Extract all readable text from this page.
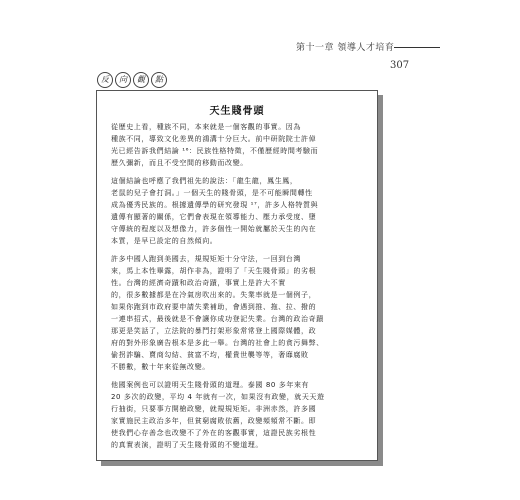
第十一章 領導人才培育
307
反	向	觀	點
天生賤骨頭

從歷史上看，種族不同，本來就是一個客觀的事實。因為
種族不同，導致文化差異的鴻溝十分巨大。前中研院院士許倬
光已經告訴我們結論 ¹⁶：民族性格特徵，不僅歷經時間考驗而
歷久彌新，而且不受空間的移動而改變。

這個結論也呼應了我們祖先的說法：「龍生龍，鳳生鳳，
老鼠的兒子會打洞。」一個天生的賤骨頭，是不可能瞬間轉性
成為優秀民族的。根據遺傳學的研究發現 ¹⁷，許多人格特質與
遺傳有顯著的關係，它們會表現在領導能力、壓力承受度、墮
守傳統的程度以及想像力，許多個性一開始就屬於天生的內在
本質，是早已設定的自然傾向。

許多中國人跑到美國去，規規矩矩十分守法，一回到台灣
來，馬上本性畢露，胡作非為，證明了「天生賤骨頭」的劣根
性。台灣的經濟奇蹟和政治奇蹟，事實上是許大不實
的，很多數據都是在冷氣房吹出來的。失業率就是一個例子，
如果你跑到市政府要申請失業補助，會遇到推、拖、拉、撥的
一連串招式，最後就是不會讓你成功登記失業。台灣的政治奇蹟
那更是笑話了，立法院的暴鬥打架形象常常登上國際媒體，政
府的對外形象廣告根本是多此一舉。台灣的社會上的貪污舞弊、
偷拐詐騙、賣商勾結、貧富不均，權貴世襲等等，奢靡腐敗
不勝數，數十年來從無改變。

他國案例也可以證明天生賤骨頭的道理。泰國 80 多年來有
20 多次的政變，平均 4 年就有一次，如果沒有政變，就天天遊
行抽街，只要事方開槍政變，就規規矩矩。非洲赤然，許多國
家實施民主政治多年，但貧窮腐敗依舊，政變頻頻常不斷。即
使我們心存善念也改變不了外在的客觀事實，這證民族劣根性
的真實表演，證明了天生賤骨頭的不變道理。
